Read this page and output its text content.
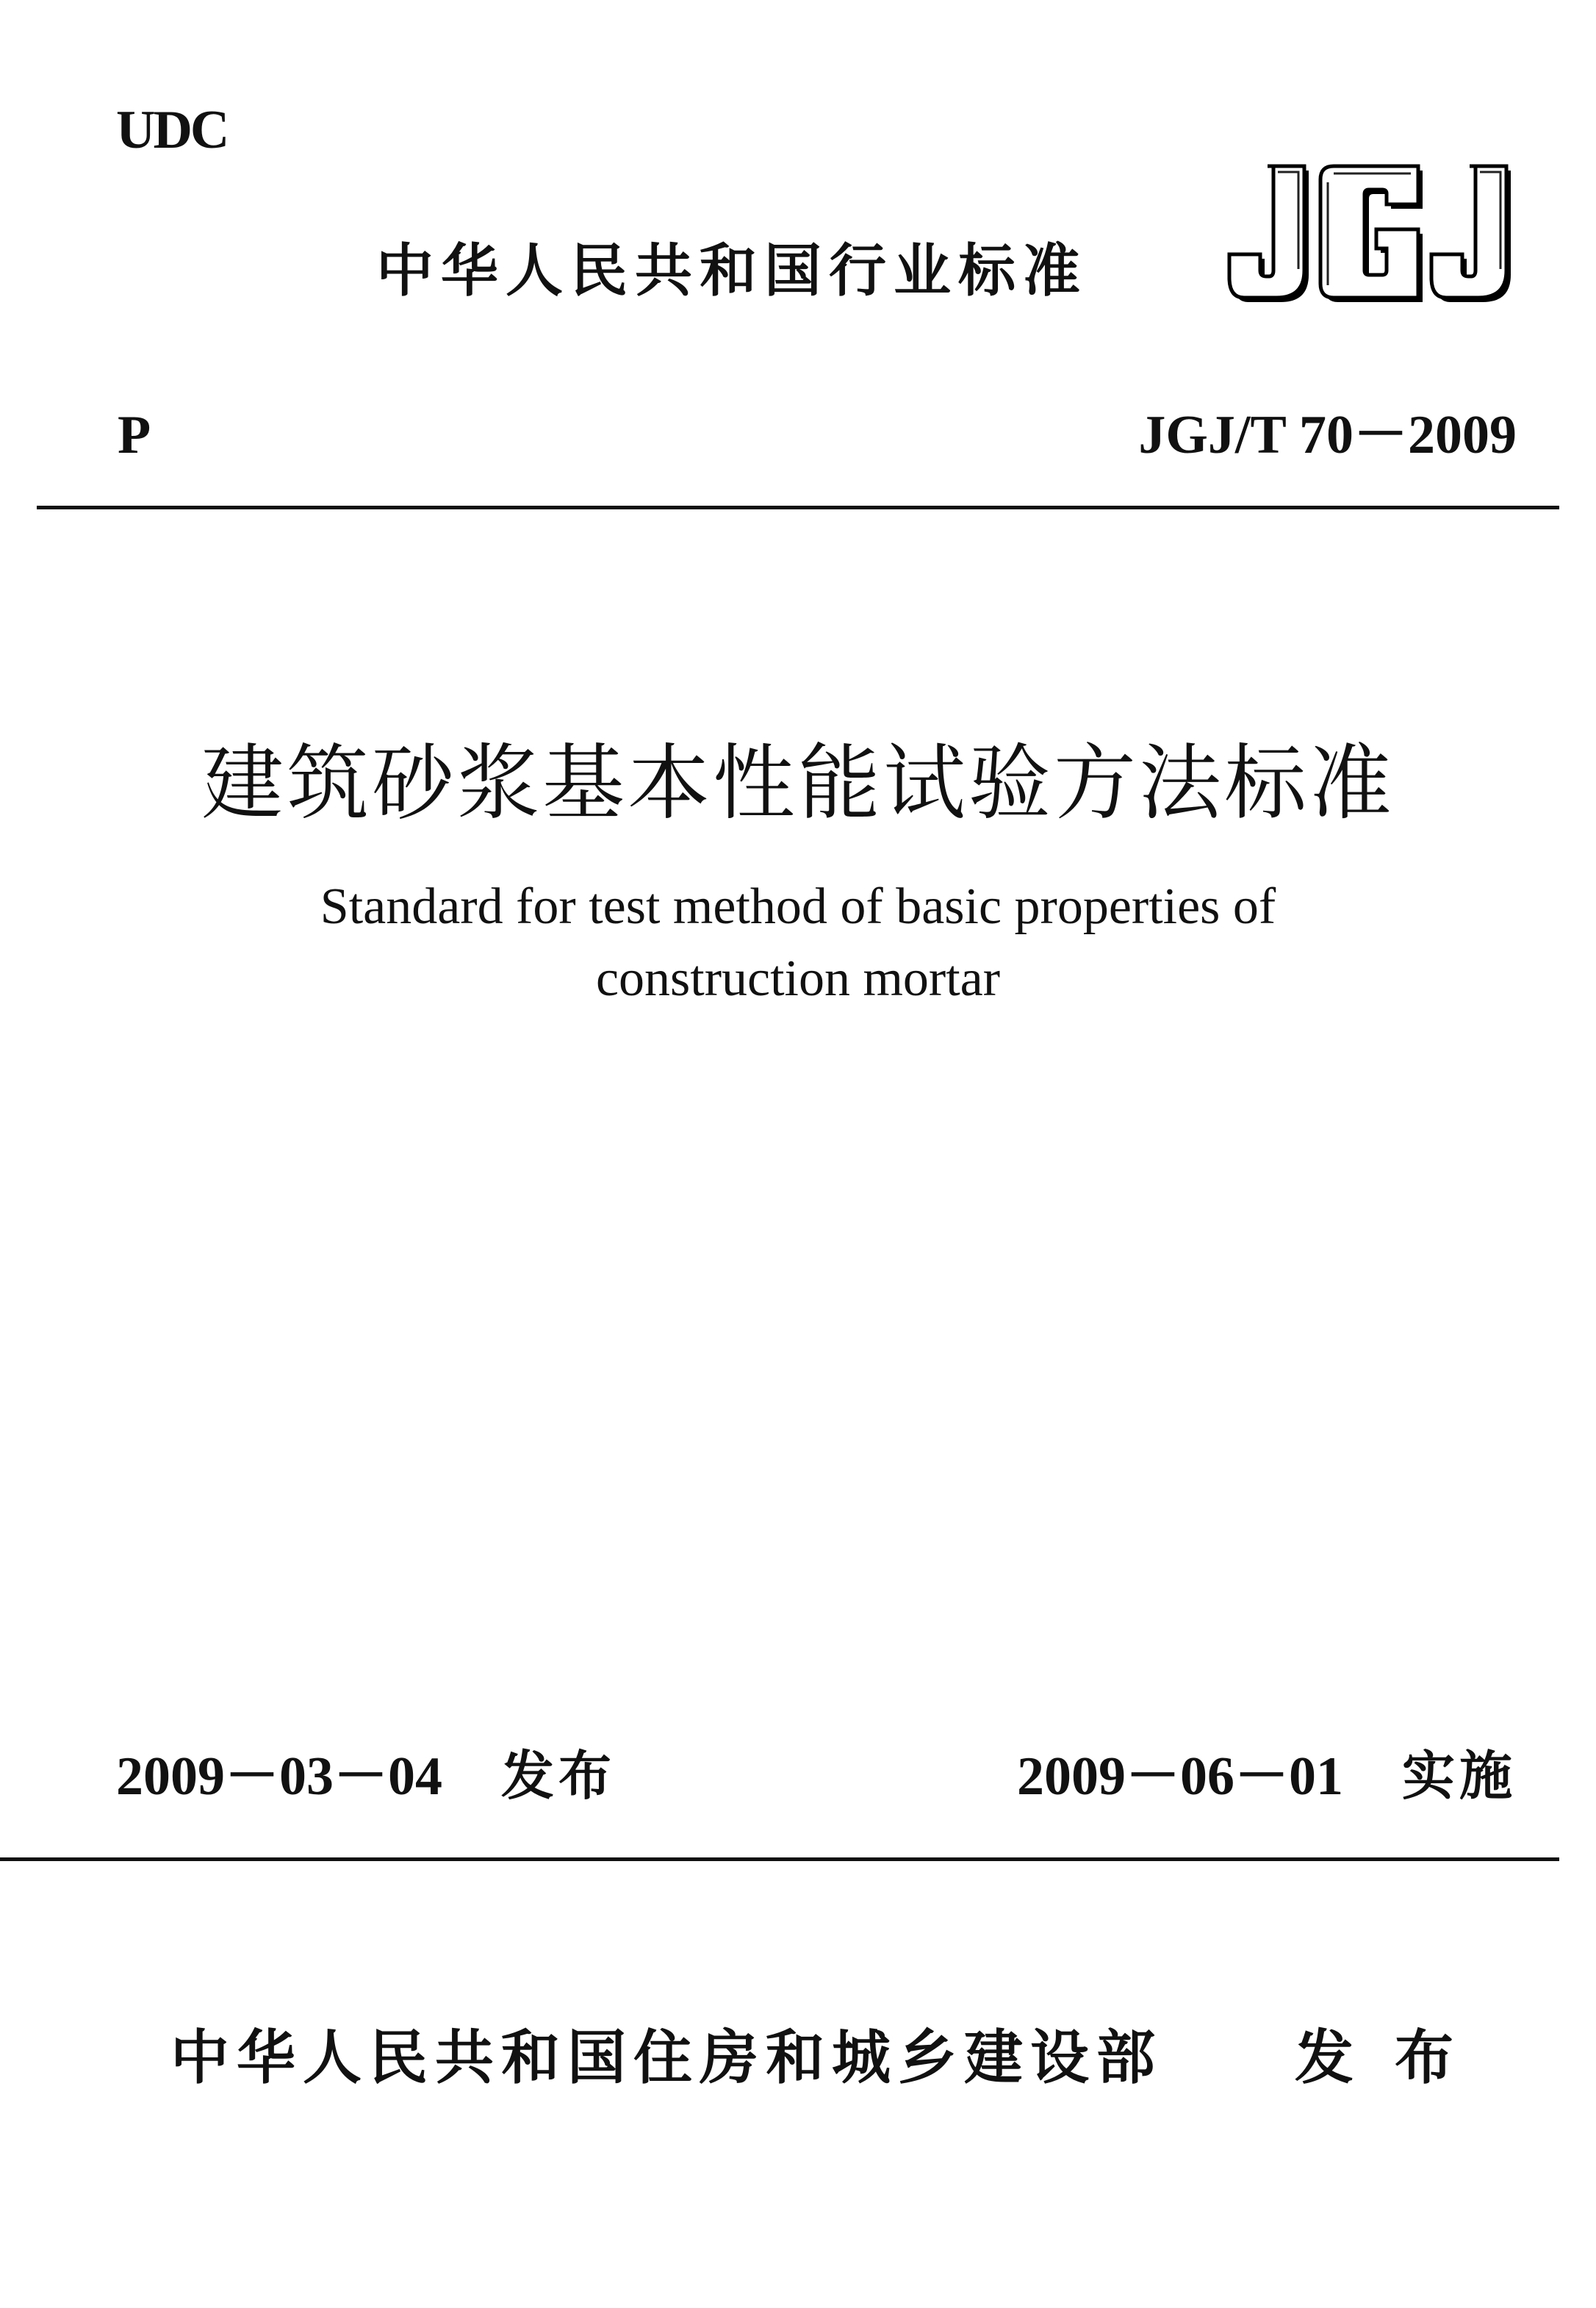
UDC
中华人民共和国行业标准
P	JGJ/T 70－2009
建筑砂浆基本性能试验方法标准
Standard for test method of basic properties of
construction mortar
2009－03－04 发布	2009－06－01 实施
中华人民共和国住房和城乡建设部 发布
